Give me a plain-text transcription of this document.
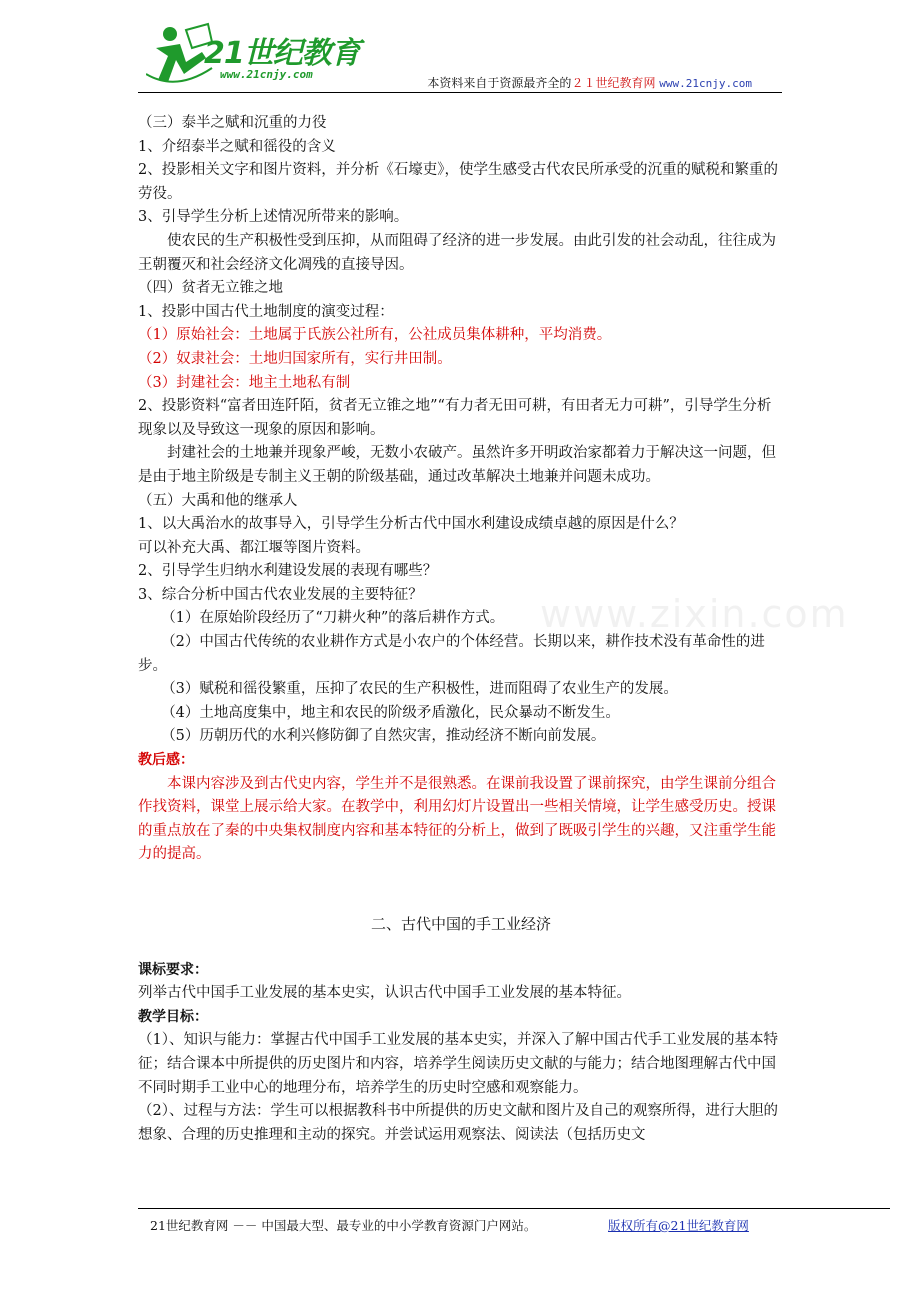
21世纪教育
www.21cnjy.com
本资料来自于资源最齐全的２１世纪教育网 www.21cnjy.com
www.zixin.com

（三）泰半之赋和沉重的力役

1、介绍泰半之赋和徭役的含义

2、投影相关文字和图片资料，并分析《石壕吏》，使学生感受古代农民所承受的沉重的赋税和繁重的劳役。

3、引导学生分析上述情况所带来的影响。

使农民的生产积极性受到压抑，从而阻碍了经济的进一步发展。由此引发的社会动乱，往往成为王朝覆灭和社会经济文化凋残的直接导因。

（四）贫者无立锥之地

1、投影中国古代土地制度的演变过程：

（1）原始社会：土地属于氏族公社所有，公社成员集体耕种，平均消费。

（2）奴隶社会：土地归国家所有，实行井田制。

（3）封建社会：地主土地私有制

2、投影资料“富者田连阡陌，贫者无立锥之地”“有力者无田可耕，有田者无力可耕”，引导学生分析现象以及导致这一现象的原因和影响。

封建社会的土地兼并现象严峻，无数小农破产。虽然许多开明政治家都着力于解决这一问题，但是由于地主阶级是专制主义王朝的阶级基础，通过改革解决土地兼并问题未成功。

（五）大禹和他的继承人

1、以大禹治水的故事导入，引导学生分析古代中国水利建设成绩卓越的原因是什么？

可以补充大禹、都江堰等图片资料。

2、引导学生归纳水利建设发展的表现有哪些？

3、综合分析中国古代农业发展的主要特征？

（1）在原始阶段经历了“刀耕火种”的落后耕作方式。

（2）中国古代传统的农业耕作方式是小农户的个体经营。长期以来，耕作技术没有革命性的进步。

（3）赋税和徭役繁重，压抑了农民的生产积极性，进而阻碍了农业生产的发展。

（4）土地高度集中，地主和农民的阶级矛盾激化，民众暴动不断发生。

（5）历朝历代的水利兴修防御了自然灾害，推动经济不断向前发展。

教后感：

本课内容涉及到古代史内容，学生并不是很熟悉。在课前我设置了课前探究，由学生课前分组合作找资料，课堂上展示给大家。在教学中，利用幻灯片设置出一些相关情境，让学生感受历史。授课的重点放在了秦的中央集权制度内容和基本特征的分析上，做到了既吸引学生的兴趣，又注重学生能力的提高。

二、古代中国的手工业经济

课标要求：

列举古代中国手工业发展的基本史实，认识古代中国手工业发展的基本特征。

教学目标：

（1）、知识与能力：掌握古代中国手工业发展的基本史实，并深入了解中国古代手工业发展的基本特征；结合课本中所提供的历史图片和内容，培养学生阅读历史文献的与能力；结合地图理解古代中国不同时期手工业中心的地理分布，培养学生的历史时空感和观察能力。

（2）、过程与方法：学生可以根据教科书中所提供的历史文献和图片及自己的观察所得，进行大胆的想象、合理的历史推理和主动的探究。并尝试运用观察法、阅读法（包括历史文

21世纪教育网 －－ 中国最大型、最专业的中小学教育资源门户网站。	版权所有@21世纪教育网
